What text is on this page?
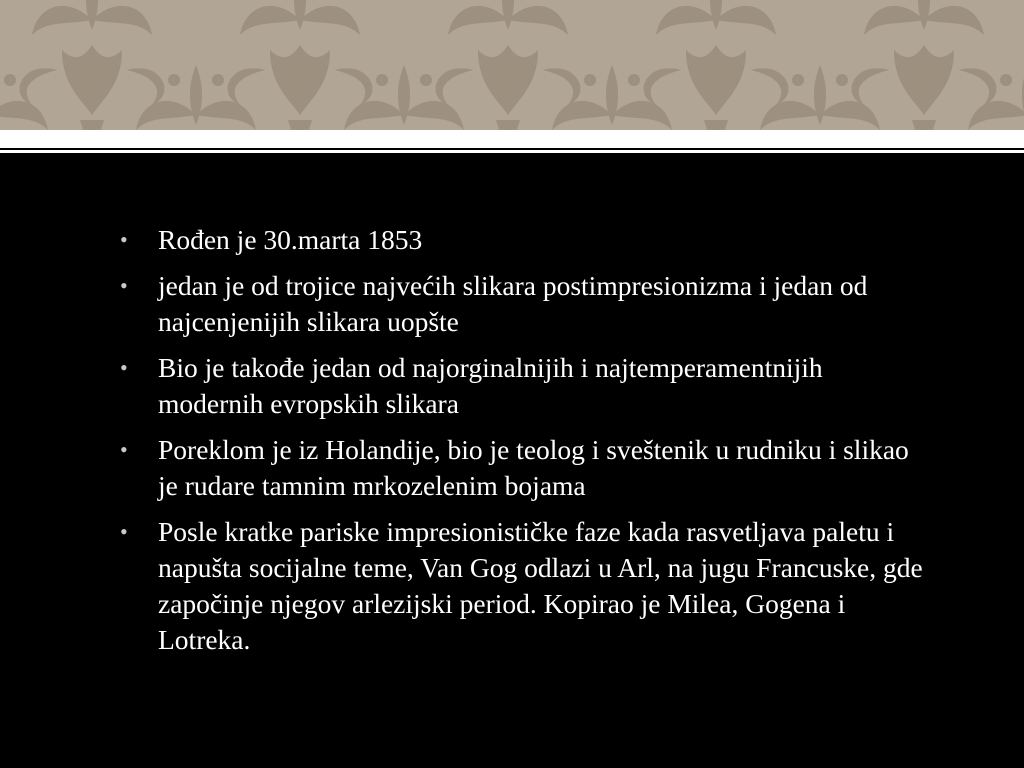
• Rođen je 30.marta 1853
• jedan je od trojice najvećih slikara postimpresionizma i jedan od najcenjenijih slikara uopšte
• Bio je takođe jedan od najorginalnijih i najtemperamentnijih modernih evropskih slikara
• Poreklom je iz Holandije, bio je teolog i sveštenik u rudniku i slikao je rudare tamnim mrkozelenim bojama
• Posle kratke pariske impresionističke faze kada rasvetljava paletu i napušta socijalne teme, Van Gog odlazi u Arl, na jugu Francuske, gde započinje njegov arlezijski period. Kopirao je Milea, Gogena i Lotreka.
